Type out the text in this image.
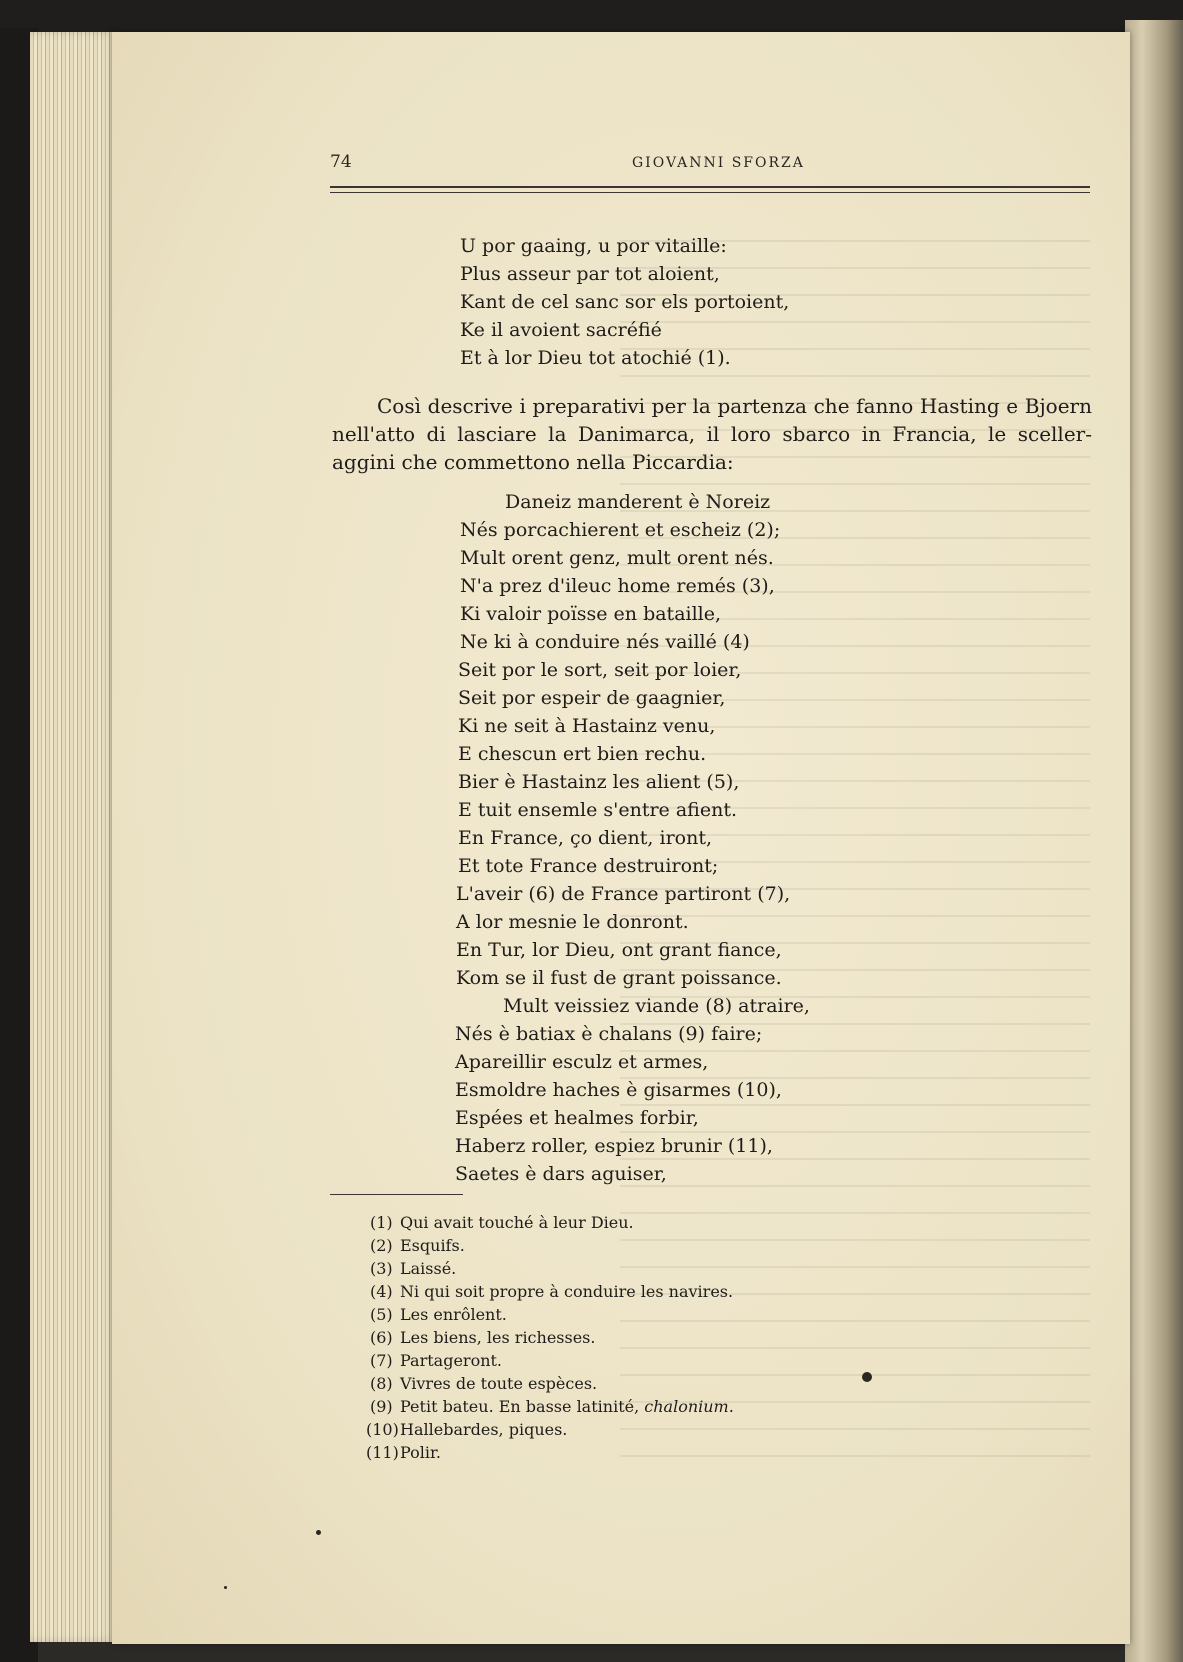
74	GIOVANNI SFORZA
U por gaaing, u por vitaille:
Plus asseur par tot aloient,
Kant de cel sanc sor els portoient,
Ke il avoient sacréfié
Et à lor Dieu tot atochié (1).

Così descrive i preparativi per la partenza che fanno Hasting e Bjoern nell'atto di lasciare la Danimarca, il loro sbarco in Francia, le scelleraggini che commettono nella Piccardia:

Daneiz manderent è Noreiz
Nés porcachierent et escheiz (2);
Mult orent genz, mult orent nés.
N'a prez d'ileuc home remés (3),
Ki valoir poïsse en bataille,
Ne ki à conduire nés vaillé (4)
Seit por le sort, seit por loier,
Seit por espeir de gaagnier,
Ki ne seit à Hastainz venu,
E chescun ert bien rechu.
Bier è Hastainz les alient (5),
E tuit ensemle s'entre afient.
En France, ço dient, iront,
Et tote France destruiront;
L'aveir (6) de France partiront (7),
A lor mesnie le donront.
En Tur, lor Dieu, ont grant fiance,
Kom se il fust de grant poissance.
Mult veissiez viande (8) atraire,
Nés è batiax è chalans (9) faire;
Apareillir esculz et armes,
Esmoldre haches è gisarmes (10),
Espées et healmes forbir,
Haberz roller, espiez brunir (11),
Saetes è dars aguiser,
(1) Qui avait touché à leur Dieu.
(2) Esquifs.
(3) Laissé.
(4) Ni qui soit propre à conduire les navires.
(5) Les enrôlent.
(6) Les biens, les richesses.
(7) Partageront.
(8) Vivres de toute espèces.
(9) Petit bateu. En basse latinité, chalonium.
(10)Hallebardes, piques.
(11)Polir.
